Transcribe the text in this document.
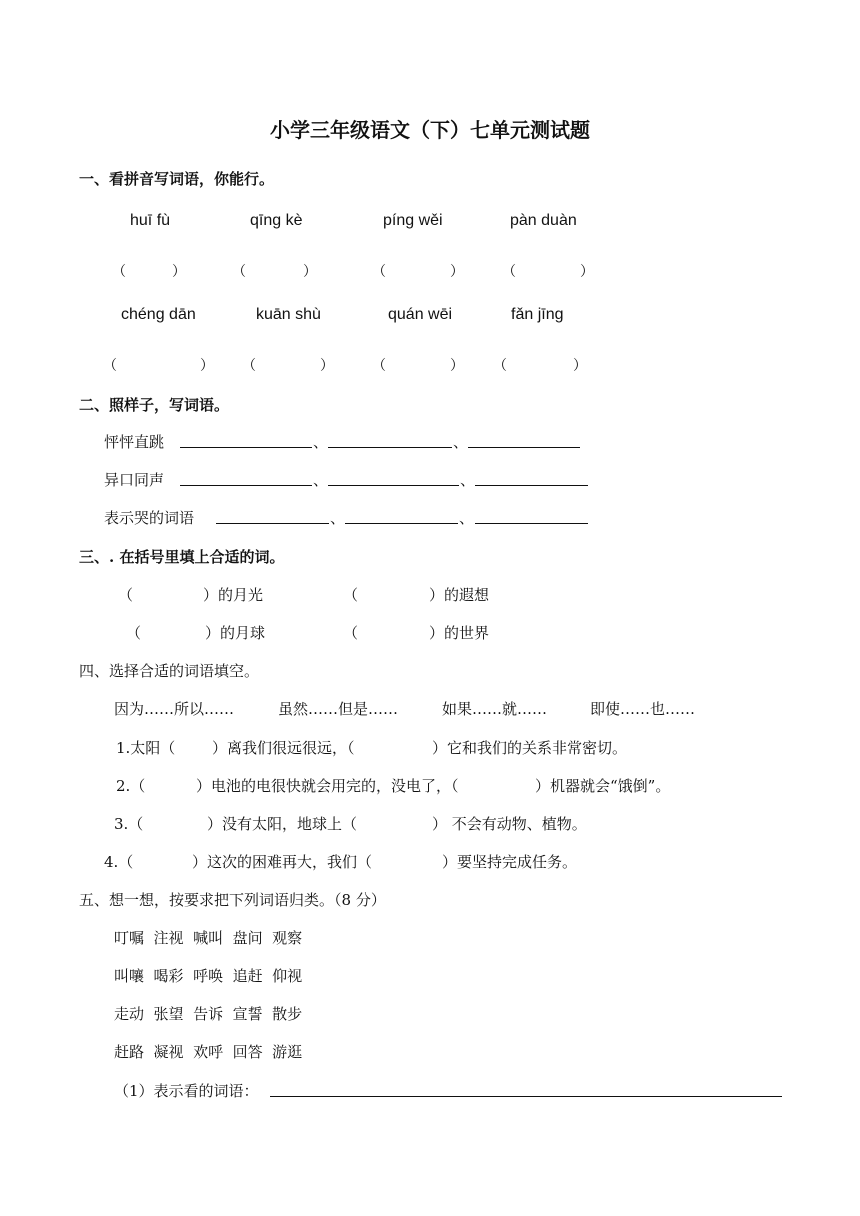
小学三年级语文（下）七单元测试题
一、看拼音写词语，你能行。
huī fù	qīng kè	píng wěi	pàn duàn
（	）	（	）	（	）	（	）
chéng dān	kuān shù	quán wēi	fǎn jīng
（	） （	）	（	） （	）
二、照样子，写词语。
怦怦直跳	、	、
异口同声	、	、
表示哭的词语	、	、
三、. 在括号里填上合适的词。
（	）的月光	（	）的遐想
（	）的月球	（	）的世界
四、选择合适的词语填空。
因为……所以……	虽然……但是……	如果……就……	即使……也……
1.太阳（ ）离我们很远很远，（	）它和我们的关系非常密切。
2.（	）电池的电很快就会用完的，没电了，（	）机器就会“饿倒”。
3.（	）没有太阳，地球上（	） 不会有动物、植物。
4.（	）这次的困难再大，我们（	）要坚持完成任务。
五、想一想，按要求把下列词语归类。（8 分）
叮嘱  注视  喊叫  盘问  观察
叫嚷  喝彩  呼唤  追赶  仰视
走动  张望  告诉  宣誓  散步
赶路  凝视  欢呼  回答  游逛
（1）表示看的词语：
